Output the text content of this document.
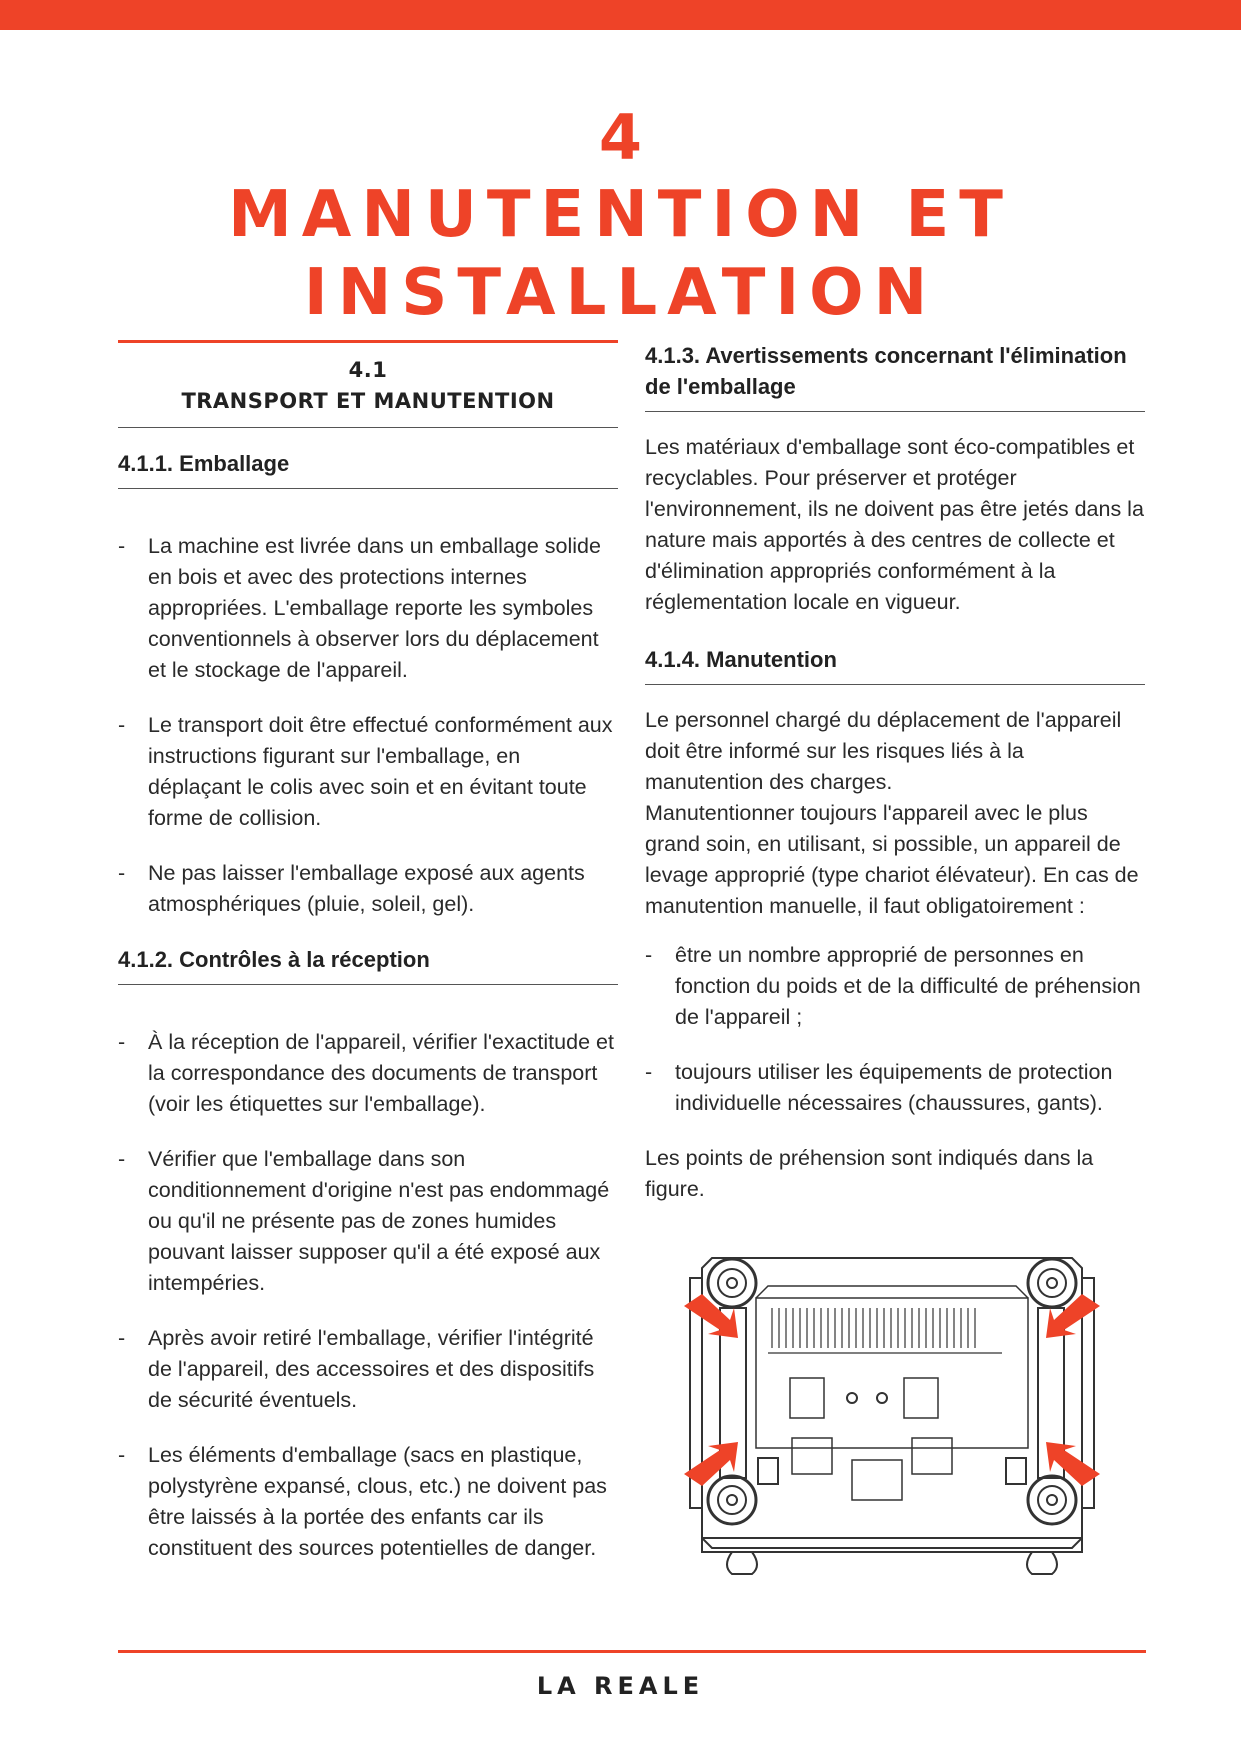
4
MANUTENTION ET
INSTALLATION
4.1
TRANSPORT ET MANUTENTION
4.1.1. Emballage
- La machine est livrée dans un emballage solide en bois et avec des protections internes appropriées. L'emballage reporte les symboles conventionnels à observer lors du déplacement et le stockage de l'appareil.
- Le transport doit être effectué conformément aux instructions figurant sur l'emballage, en déplaçant le colis avec soin et en évitant toute forme de collision.
- Ne pas laisser l'emballage exposé aux agents atmosphériques (pluie, soleil, gel).
4.1.2. Contrôles à la réception
- À la réception de l'appareil, vérifier l'exactitude et la correspondance des documents de transport (voir les étiquettes sur l'emballage).
- Vérifier que l'emballage dans son conditionnement d'origine n'est pas endommagé ou qu'il ne présente pas de zones humides pouvant laisser supposer qu'il a été exposé aux intempéries.
- Après avoir retiré l'emballage, vérifier l'intégrité de l'appareil, des accessoires et des dispositifs de sécurité éventuels.
- Les éléments d'emballage (sacs en plastique, polystyrène expansé, clous, etc.) ne doivent pas être laissés à la portée des enfants car ils constituent des sources potentielles de danger.
4.1.3. Avertissements concernant l'élimination de l'emballage

Les matériaux d'emballage sont éco-compatibles et recyclables. Pour préserver et protéger l'environnement, ils ne doivent pas être jetés dans la nature mais apportés à des centres de collecte et d'élimination appropriés conformément à la réglementation locale en vigueur.

4.1.4. Manutention

Le personnel chargé du déplacement de l'appareil doit être informé sur les risques liés à la manutention des charges.

Manutentionner toujours l'appareil avec le plus grand soin, en utilisant, si possible, un appareil de levage approprié (type chariot élévateur). En cas de manutention manuelle, il faut obligatoirement :

- être un nombre approprié de personnes en fonction du poids et de la difficulté de préhension de l'appareil ;
- toujours utiliser les équipements de protection individuelle nécessaires (chaussures, gants).

Les points de préhension sont indiqués dans la figure.

LA REALE
